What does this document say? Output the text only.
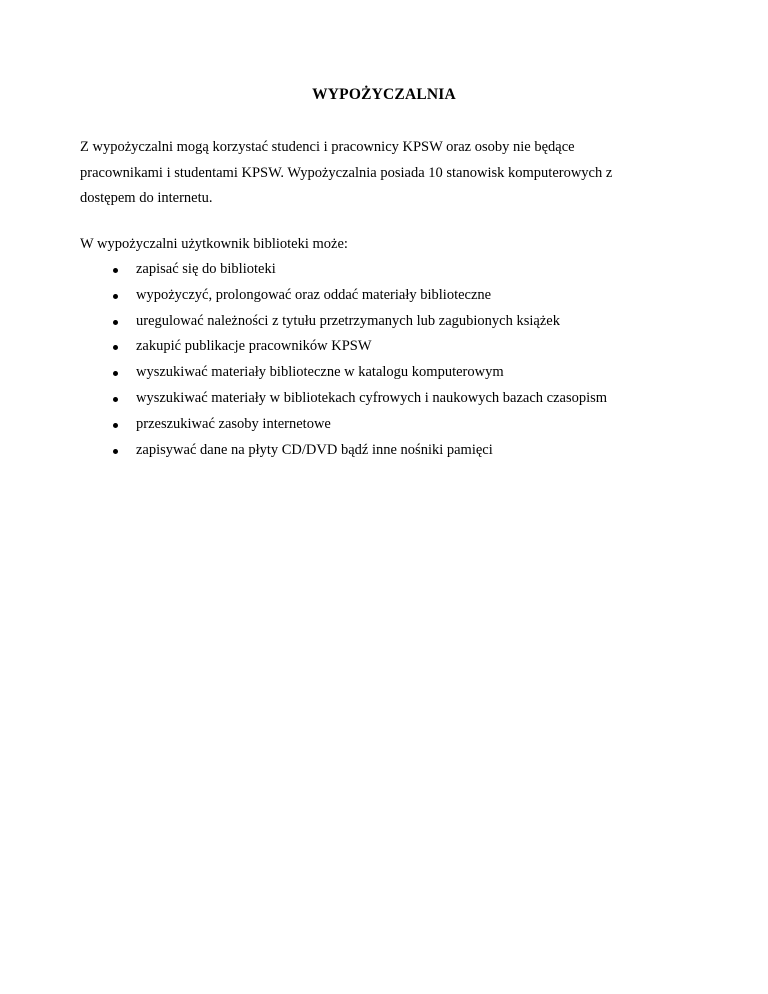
WYPOŻYCZALNIA

Z wypożyczalni mogą korzystać studenci i pracownicy KPSW oraz osoby nie będące
pracownikami i studentami KPSW. Wypożyczalnia posiada 10 stanowisk komputerowych z
dostępem do internetu.

W wypożyczalni użytkownik biblioteki może:

zapisać się do biblioteki
wypożyczyć, prolongować oraz oddać materiały biblioteczne
uregulować należności z tytułu przetrzymanych lub zagubionych książek
zakupić publikacje pracowników KPSW
wyszukiwać materiały biblioteczne w katalogu komputerowym
wyszukiwać materiały w bibliotekach cyfrowych i naukowych bazach czasopism
przeszukiwać zasoby internetowe
zapisywać dane na płyty CD/DVD bądź inne nośniki pamięci
